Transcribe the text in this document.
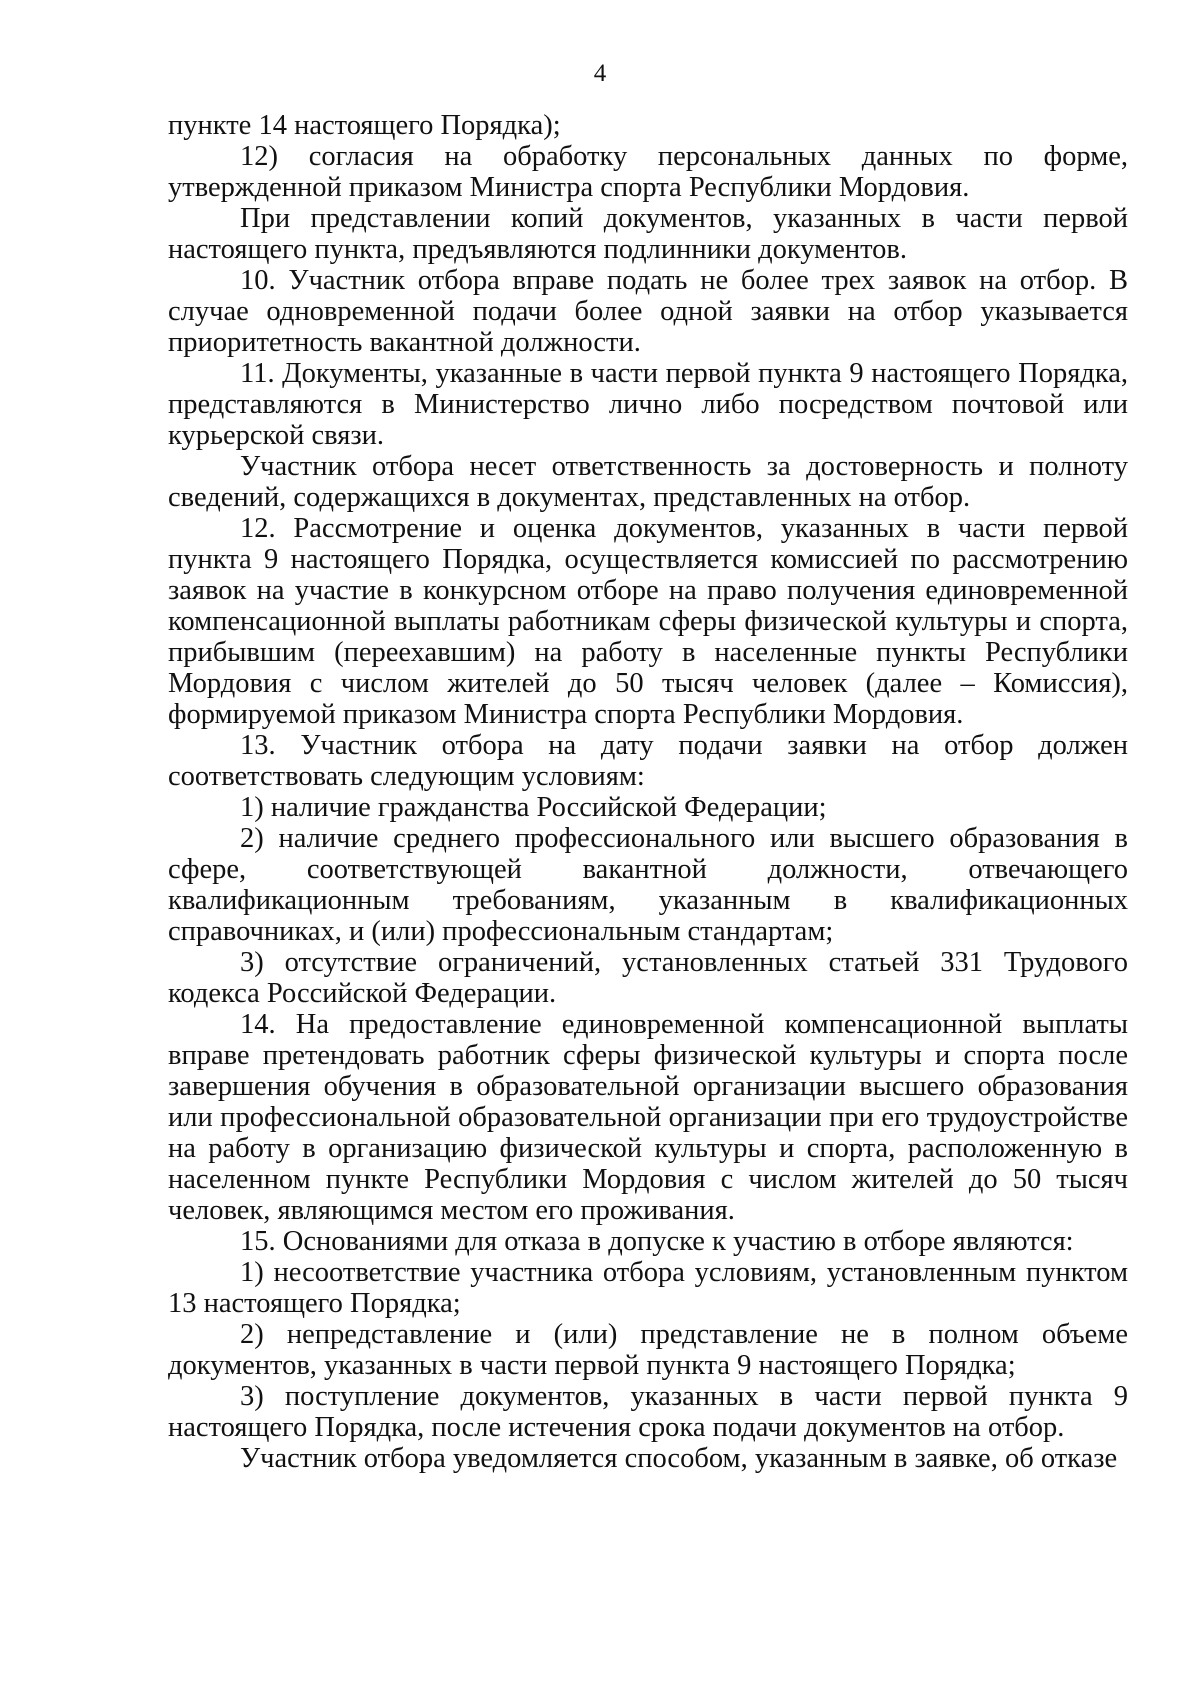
4

пункте 14 настоящего Порядка);

12) согласия на обработку персональных данных по форме, утвержденной приказом Министра спорта Республики Мордовия.

При представлении копий документов, указанных в части первой настоящего пункта, предъявляются подлинники документов.

10. Участник отбора вправе подать не более трех заявок на отбор. В случае одновременной подачи более одной заявки на отбор указывается приоритетность вакантной должности.

11. Документы, указанные в части первой пункта 9 настоящего Порядка, представляются в Министерство лично либо посредством почтовой или курьерской связи.

Участник отбора несет ответственность за достоверность и полноту сведений, содержащихся в документах, представленных на отбор.

12. Рассмотрение и оценка документов, указанных в части первой пункта 9 настоящего Порядка, осуществляется комиссией по рассмотрению заявок на участие в конкурсном отборе на право получения единовременной компенсационной выплаты работникам сферы физической культуры и спорта, прибывшим (переехавшим) на работу в населенные пункты Республики Мордовия с числом жителей до 50 тысяч человек (далее – Комиссия), формируемой приказом Министра спорта Республики Мордовия.

13. Участник отбора на дату подачи заявки на отбор должен соответствовать следующим условиям:

1) наличие гражданства Российской Федерации;

2) наличие среднего профессионального или высшего образования в сфере, соответствующей вакантной должности, отвечающего квалификационным требованиям, указанным в квалификационных справочниках, и (или) профессиональным стандартам;

3) отсутствие ограничений, установленных статьей 331 Трудового кодекса Российской Федерации.

14. На предоставление единовременной компенсационной выплаты вправе претендовать работник сферы физической культуры и спорта после завершения обучения в образовательной организации высшего образования или профессиональной образовательной организации при его трудоустройстве на работу в организацию физической культуры и спорта, расположенную в населенном пункте Республики Мордовия с числом жителей до 50 тысяч человек, являющимся местом его проживания.

15. Основаниями для отказа в допуске к участию в отборе являются:

1) несоответствие участника отбора условиям, установленным пунктом 13 настоящего Порядка;

2) непредставление и (или) представление не в полном объеме документов, указанных в части первой пункта 9 настоящего Порядка;

3) поступление документов, указанных в части первой пункта 9 настоящего Порядка, после истечения срока подачи документов на отбор.

Участник отбора уведомляется способом, указанным в заявке, об отказе
